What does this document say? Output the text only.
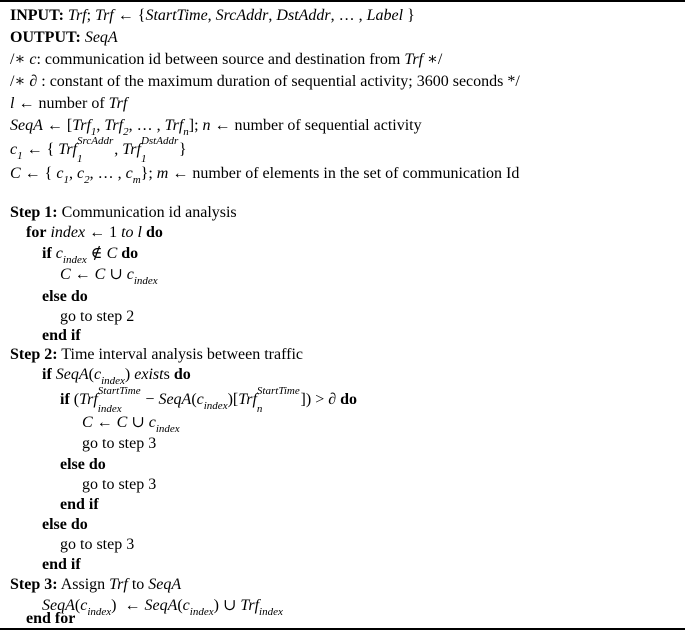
INPUT: Trf; Trf ← {StartTime, SrcAddr, DstAddr, … , Label }
OUTPUT: SeqA
/∗ c: communication id between source and destination from Trf ∗/
/∗ ∂ : constant of the maximum duration of sequential activity; 3600 seconds */
l ← number of Trf
SeqA ← [Trf$_1$, Trf$_2$, … , Trf$_n$]; n ← number of sequential activity
$c_1$ ← { Trf SrcAddr
1
, Trf DstAddr
1
}
C ← { $c_1$, $c_2$, … , $c_m$}; m ← number of elements in the set of communication Id
Step 1: Communication id analysis
for index ← 1 to l do
if $c_{index}$ ∉ C do
C ← C ∪ $c_{index}$
else do
go to step 2
end if
Step 2: Time interval analysis between traffic
if $SeqA(c_{index})$ exists do
if (Trf StartTime
index
− $SeqA(c_{index})[Trf$ StartTime
n
]) > ∂ do
C ← C ∪ $c_{index}$
go to step 3
else do
go to step 3
end if
else do
go to step 3
end if
Step 3: Assign Trf to SeqA
$SeqA(c_{index})$  ← $SeqA(c_{index})$ ∪ Trf$_{index}$
end for
